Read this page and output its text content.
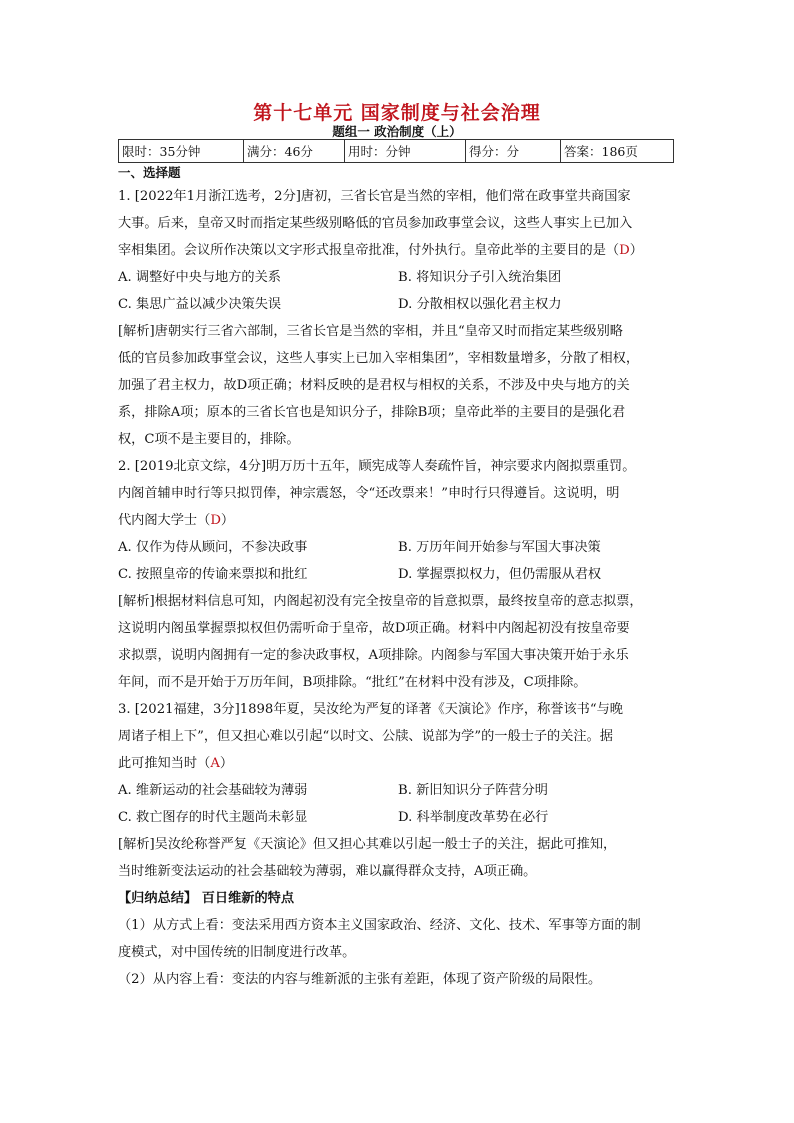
第十七单元 国家制度与社会治理
题组一 政治制度（上）
限时：35分钟	满分：46分	用时：分钟	得分：分	答案：186页
一、选择题
1. [2022年1月浙江选考，2分]唐初，三省长官是当然的宰相，他们常在政事堂共商国家
大事。后来，皇帝又时而指定某些级别略低的官员参加政事堂会议，这些人事实上已加入
宰相集团。会议所作决策以文字形式报皇帝批准，付外执行。皇帝此举的主要目的是（D）
A. 调整好中央与地方的关系	B. 将知识分子引入统治集团
C. 集思广益以减少决策失误	D. 分散相权以强化君主权力
[解析]唐朝实行三省六部制，三省长官是当然的宰相，并且“皇帝又时而指定某些级别略
低的官员参加政事堂会议，这些人事实上已加入宰相集团”，宰相数量增多，分散了相权，
加强了君主权力，故D项正确；材料反映的是君权与相权的关系，不涉及中央与地方的关
系，排除A项；原本的三省长官也是知识分子，排除B项；皇帝此举的主要目的是强化君
权，C项不是主要目的，排除。
2. [2019北京文综，4分]明万历十五年，顾宪成等人奏疏忤旨，神宗要求内阁拟票重罚。
内阁首辅申时行等只拟罚俸，神宗震怒，令“还改票来！”申时行只得遵旨。这说明，明
代内阁大学士（D）
A. 仅作为侍从顾问，不参决政事	B. 万历年间开始参与军国大事决策
C. 按照皇帝的传谕来票拟和批红	D. 掌握票拟权力，但仍需服从君权
[解析]根据材料信息可知，内阁起初没有完全按皇帝的旨意拟票，最终按皇帝的意志拟票，
这说明内阁虽掌握票拟权但仍需听命于皇帝，故D项正确。材料中内阁起初没有按皇帝要
求拟票，说明内阁拥有一定的参决政事权，A项排除。内阁参与军国大事决策开始于永乐
年间，而不是开始于万历年间，B项排除。“批红”在材料中没有涉及，C项排除。
3. [2021福建，3分]1898年夏，吴汝纶为严复的译著《天演论》作序，称誉该书“与晚
周诸子相上下”，但又担心难以引起“以时文、公牍、说部为学”的一般士子的关注。据
此可推知当时（A）
A. 维新运动的社会基础较为薄弱	B. 新旧知识分子阵营分明
C. 救亡图存的时代主题尚未彰显	D. 科举制度改革势在必行
[解析]吴汝纶称誉严复《天演论》但又担心其难以引起一般士子的关注，据此可推知，
当时维新变法运动的社会基础较为薄弱，难以赢得群众支持，A项正确。
【归纳总结】 百日维新的特点
（1）从方式上看：变法采用西方资本主义国家政治、经济、文化、技术、军事等方面的制
度模式，对中国传统的旧制度进行改革。
（2）从内容上看：变法的内容与维新派的主张有差距，体现了资产阶级的局限性。
